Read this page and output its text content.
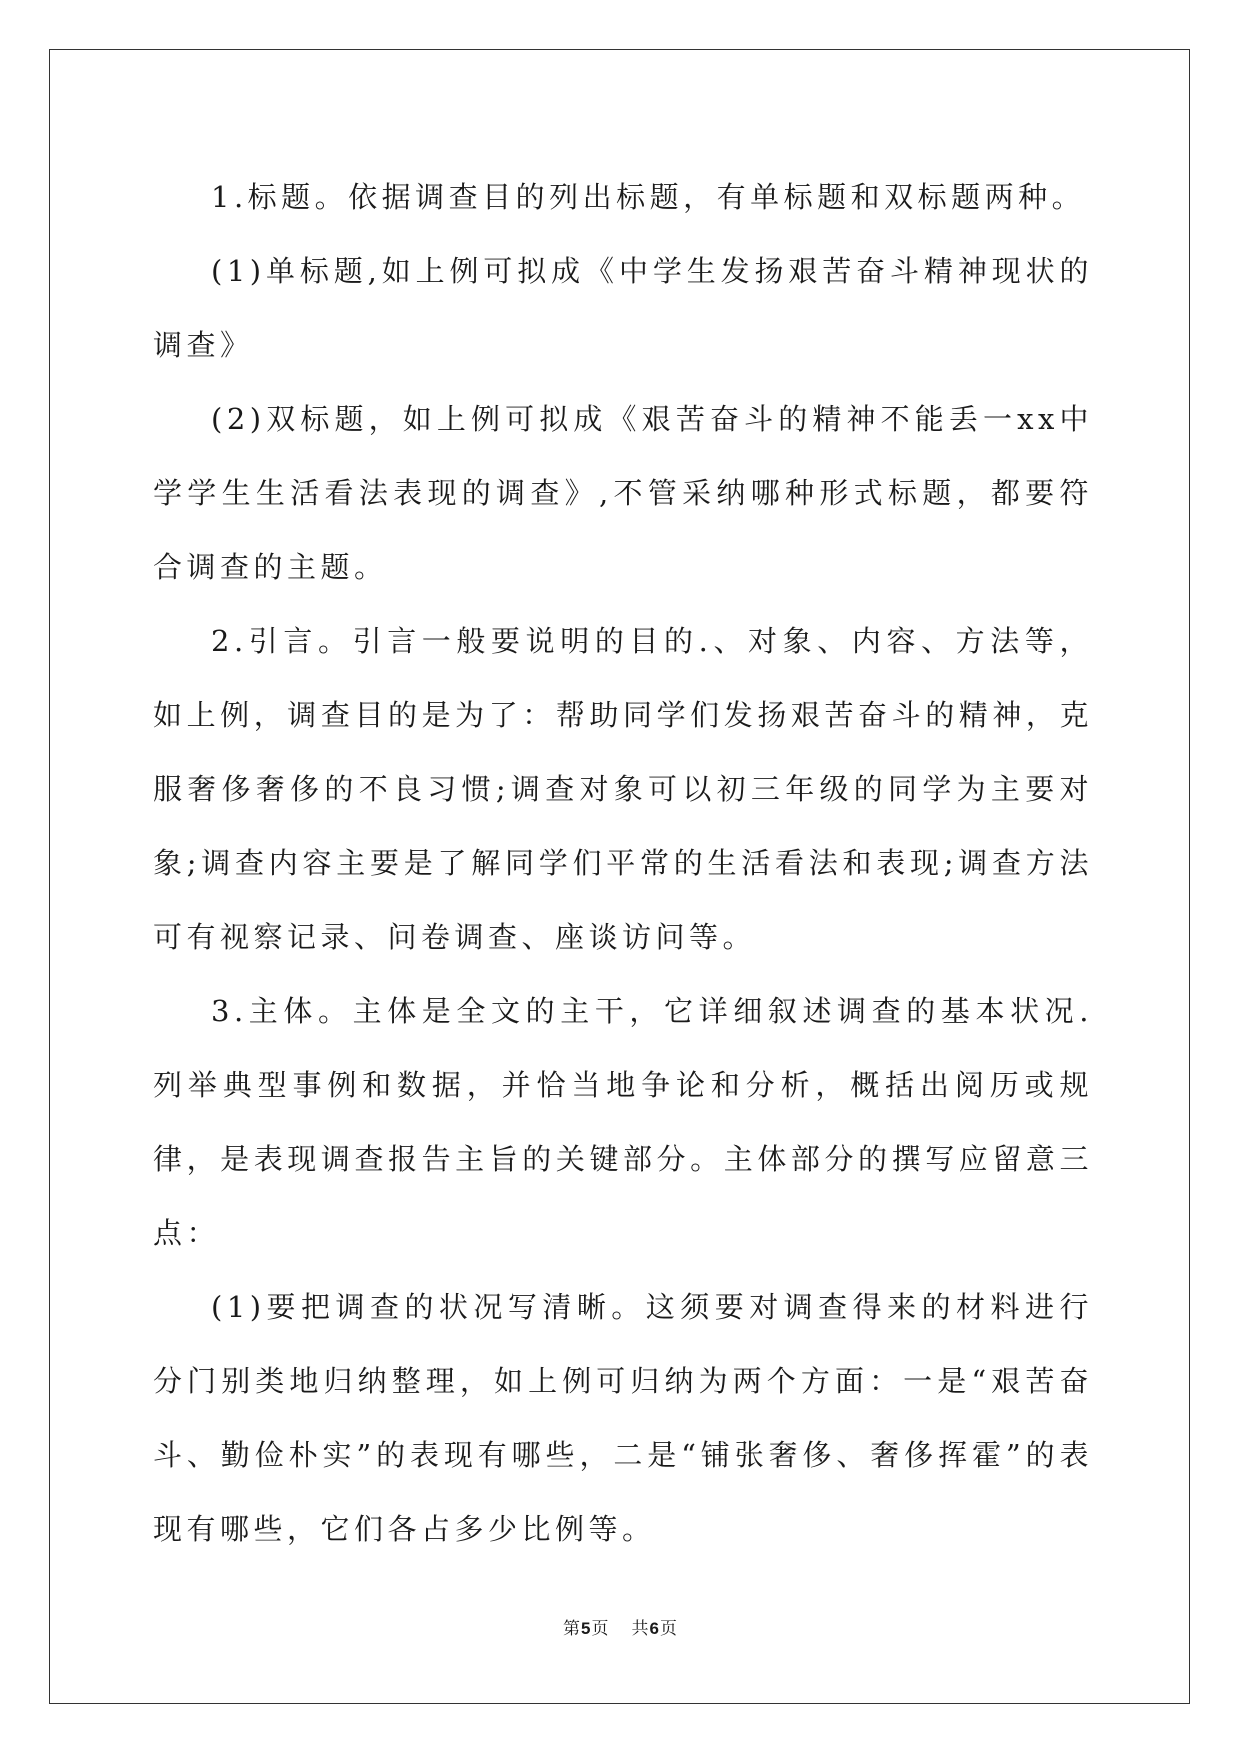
1.标题。依据调查目的列出标题，有单标题和双标题两种。

(1)单标题,如上例可拟成《中学生发扬艰苦奋斗精神现状的调查》

(2)双标题，如上例可拟成《艰苦奋斗的精神不能丢一xx中学学生生活看法表现的调查》,不管采纳哪种形式标题，都要符合调查的主题。

2.引言。引言一般要说明的目的.、对象、内容、方法等，如上例，调查目的是为了：帮助同学们发扬艰苦奋斗的精神，克服奢侈奢侈的不良习惯;调查对象可以初三年级的同学为主要对象;调查内容主要是了解同学们平常的生活看法和表现;调查方法可有视察记录、问卷调查、座谈访问等。

3.主体。主体是全文的主干，它详细叙述调查的基本状况.列举典型事例和数据，并恰当地争论和分析，概括出阅历或规律，是表现调查报告主旨的关键部分。主体部分的撰写应留意三点：

(1)要把调查的状况写清晰。这须要对调查得来的材料进行分门别类地归纳整理，如上例可归纳为两个方面：一是“艰苦奋斗、勤俭朴实”的表现有哪些，二是“铺张奢侈、奢侈挥霍”的表现有哪些，它们各占多少比例等。

第5页 共6页
